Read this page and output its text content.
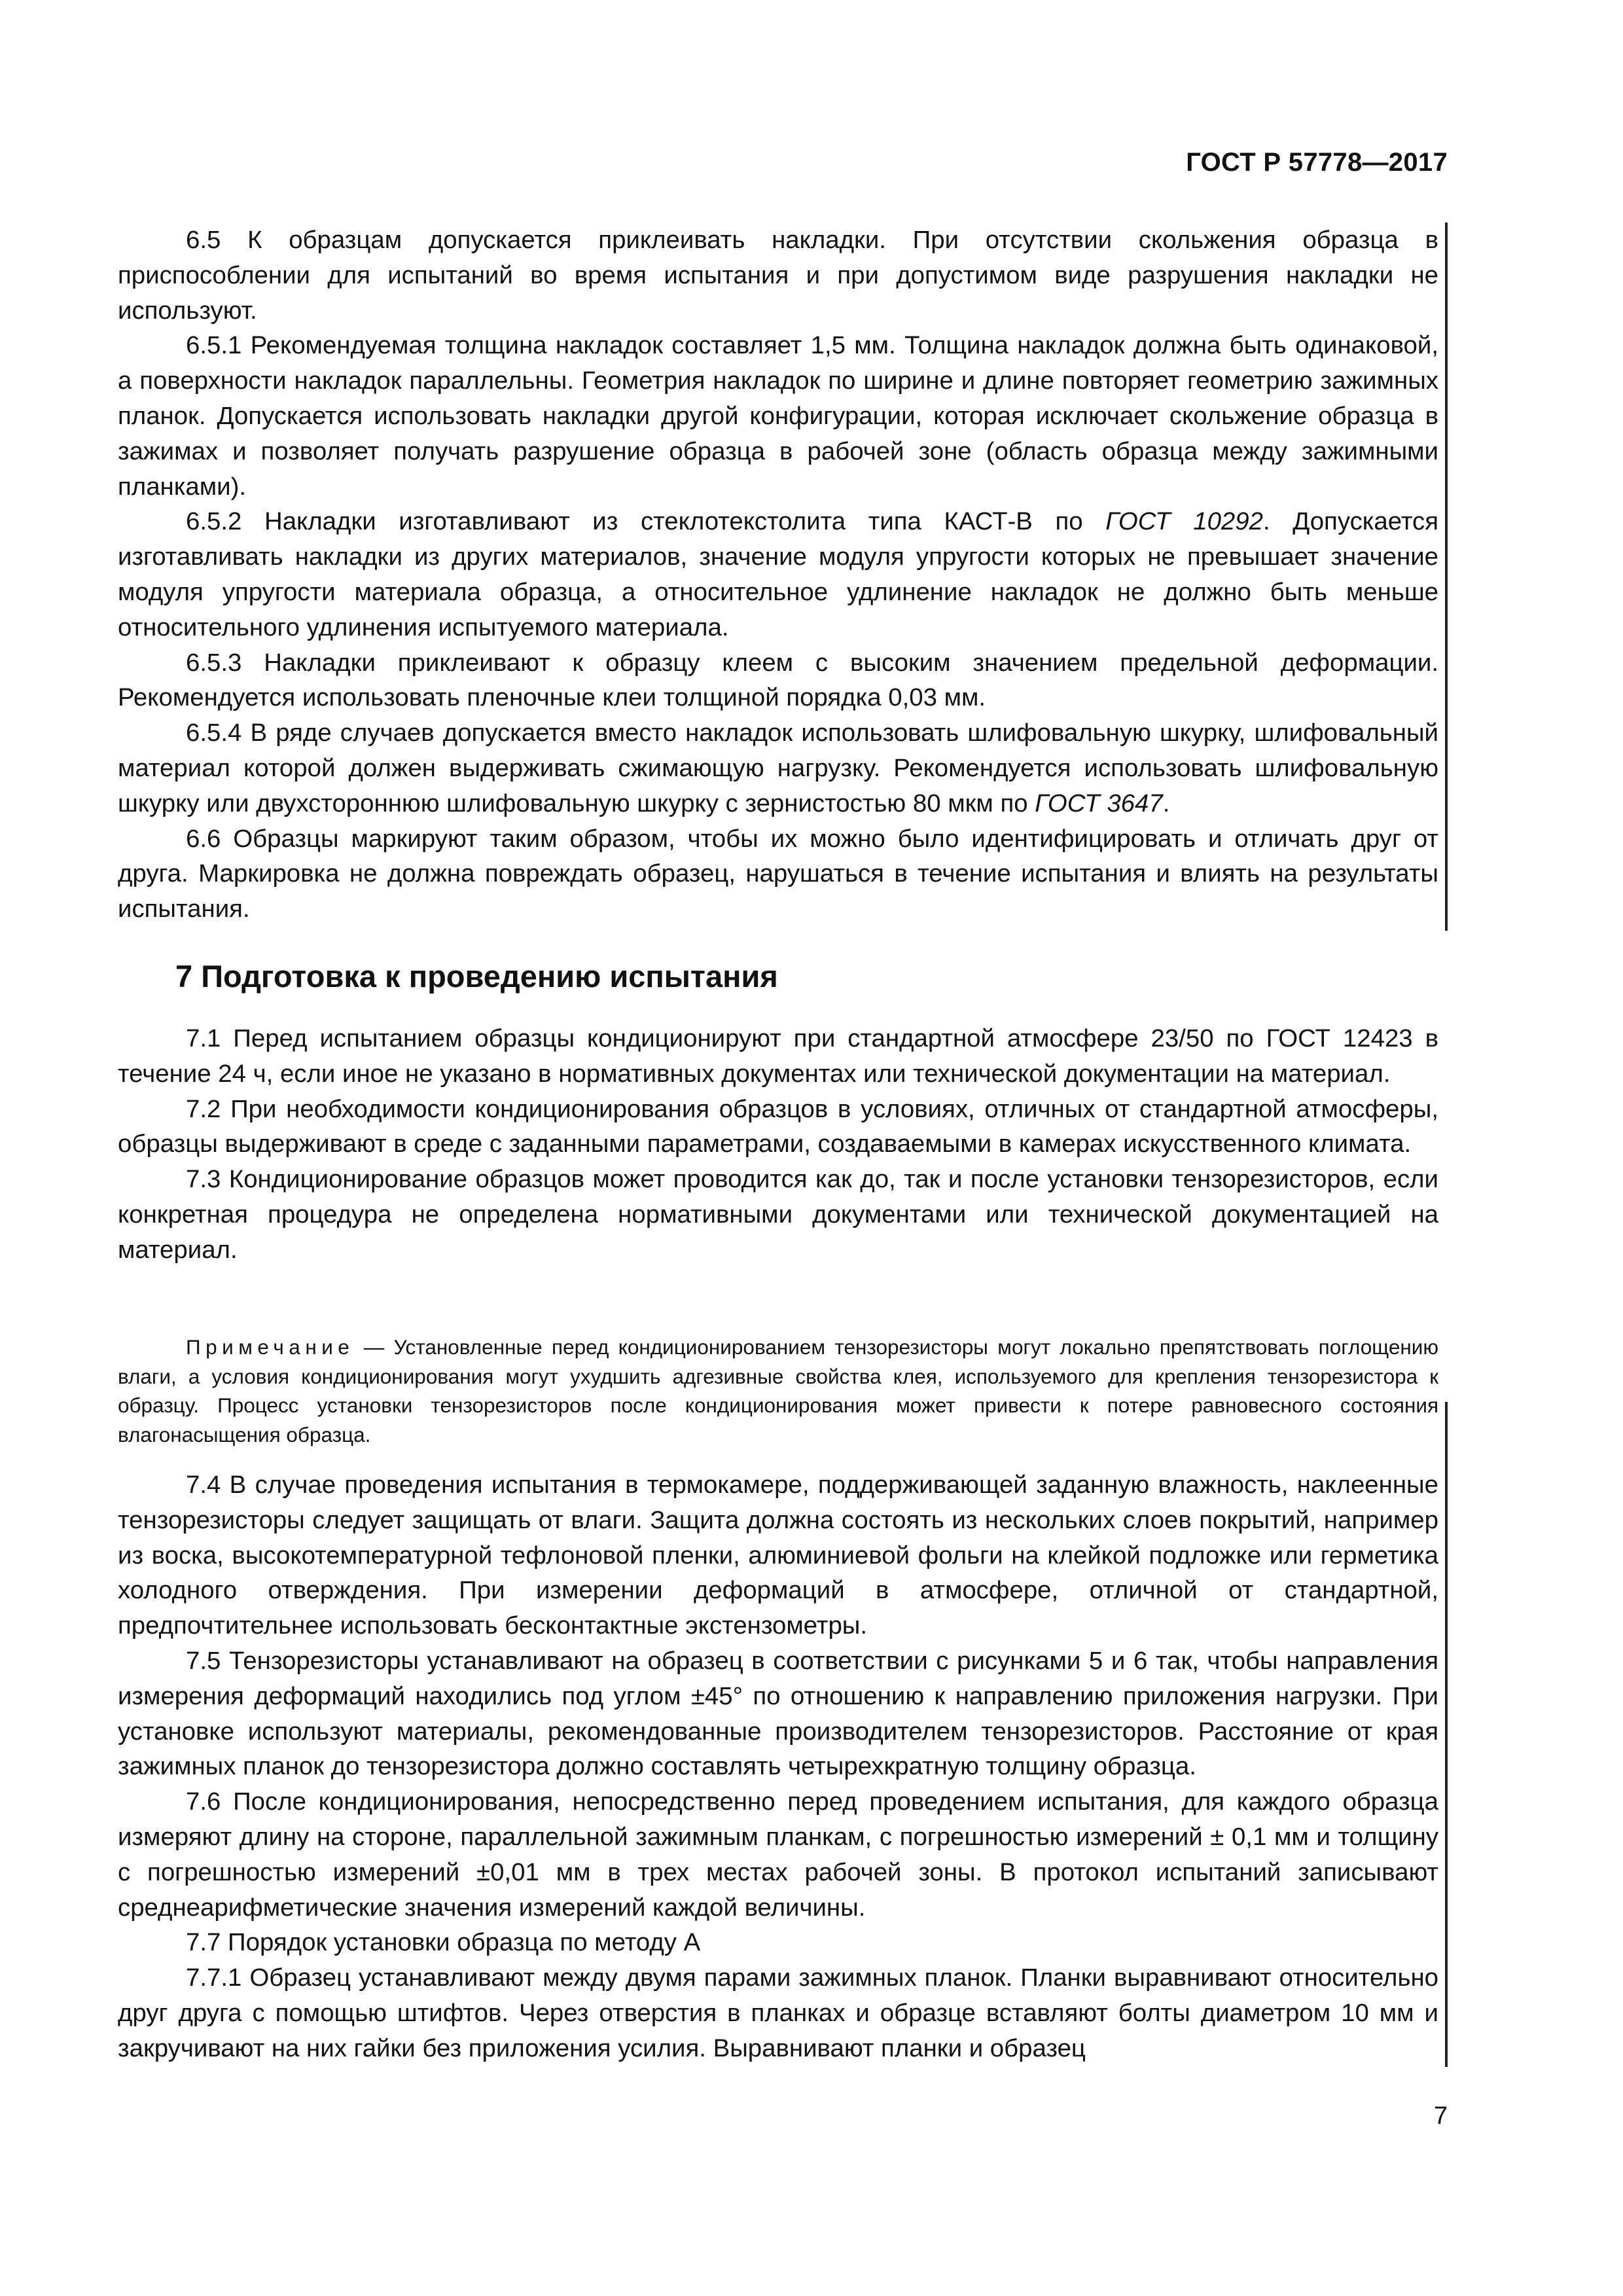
ГОСТ Р 57778—2017

6.5 К образцам допускается приклеивать накладки. При отсутствии скольжения образца в приспособлении для испытаний во время испытания и при допустимом виде разрушения накладки не используют.

6.5.1 Рекомендуемая толщина накладок составляет 1,5 мм. Толщина накладок должна быть одинаковой, а поверхности накладок параллельны. Геометрия накладок по ширине и длине повторяет геометрию зажимных планок. Допускается использовать накладки другой конфигурации, которая исключает скольжение образца в зажимах и позволяет получать разрушение образца в рабочей зоне (область образца между зажимными планками).

6.5.2 Накладки изготавливают из стеклотекстолита типа КАСТ-В по ГОСТ 10292. Допускается изготавливать накладки из других материалов, значение модуля упругости которых не превышает значение модуля упругости материала образца, а относительное удлинение накладок не должно быть меньше относительного удлинения испытуемого материала.

6.5.3 Накладки приклеивают к образцу клеем с высоким значением предельной деформации. Рекомендуется использовать пленочные клеи толщиной порядка 0,03 мм.

6.5.4 В ряде случаев допускается вместо накладок использовать шлифовальную шкурку, шлифовальный материал которой должен выдерживать сжимающую нагрузку. Рекомендуется использовать шлифовальную шкурку или двухстороннюю шлифовальную шкурку с зернистостью 80 мкм по ГОСТ 3647.

6.6 Образцы маркируют таким образом, чтобы их можно было идентифицировать и отличать друг от друга. Маркировка не должна повреждать образец, нарушаться в течение испытания и влиять на результаты испытания.

7 Подготовка к проведению испытания

7.1 Перед испытанием образцы кондиционируют при стандартной атмосфере 23/50 по ГОСТ 12423 в течение 24 ч, если иное не указано в нормативных документах или технической документации на материал.

7.2 При необходимости кондиционирования образцов в условиях, отличных от стандартной атмосферы, образцы выдерживают в среде с заданными параметрами, создаваемыми в камерах искусственного климата.

7.3 Кондиционирование образцов может проводится как до, так и после установки тензорезисторов, если конкретная процедура не определена нормативными документами или технической документацией на материал.

Примечание — Установленные перед кондиционированием тензорезисторы могут локально препятствовать поглощению влаги, а условия кондиционирования могут ухудшить адгезивные свойства клея, используемого для крепления тензорезистора к образцу. Процесс установки тензорезисторов после кондиционирования может привести к потере равновесного состояния влагонасыщения образца.

7.4 В случае проведения испытания в термокамере, поддерживающей заданную влажность, наклеенные тензорезисторы следует защищать от влаги. Защита должна состоять из нескольких слоев покрытий, например из воска, высокотемпературной тефлоновой пленки, алюминиевой фольги на клейкой подложке или герметика холодного отверждения. При измерении деформаций в атмосфере, отличной от стандартной, предпочтительнее использовать бесконтактные экстензометры.

7.5 Тензорезисторы устанавливают на образец в соответствии с рисунками 5 и 6 так, чтобы направления измерения деформаций находились под углом ±45° по отношению к направлению приложения нагрузки. При установке используют материалы, рекомендованные производителем тензорезисторов. Расстояние от края зажимных планок до тензорезистора должно составлять четырехкратную толщину образца.

7.6 После кондиционирования, непосредственно перед проведением испытания, для каждого образца измеряют длину на стороне, параллельной зажимным планкам, с погрешностью измерений ± 0,1 мм и толщину с погрешностью измерений ±0,01 мм в трех местах рабочей зоны. В протокол испытаний записывают среднеарифметические значения измерений каждой величины.

7.7 Порядок установки образца по методу А

7.7.1 Образец устанавливают между двумя парами зажимных планок. Планки выравнивают относительно друг друга с помощью штифтов. Через отверстия в планках и образце вставляют болты диаметром 10 мм и закручивают на них гайки без приложения усилия. Выравнивают планки и образец

7
